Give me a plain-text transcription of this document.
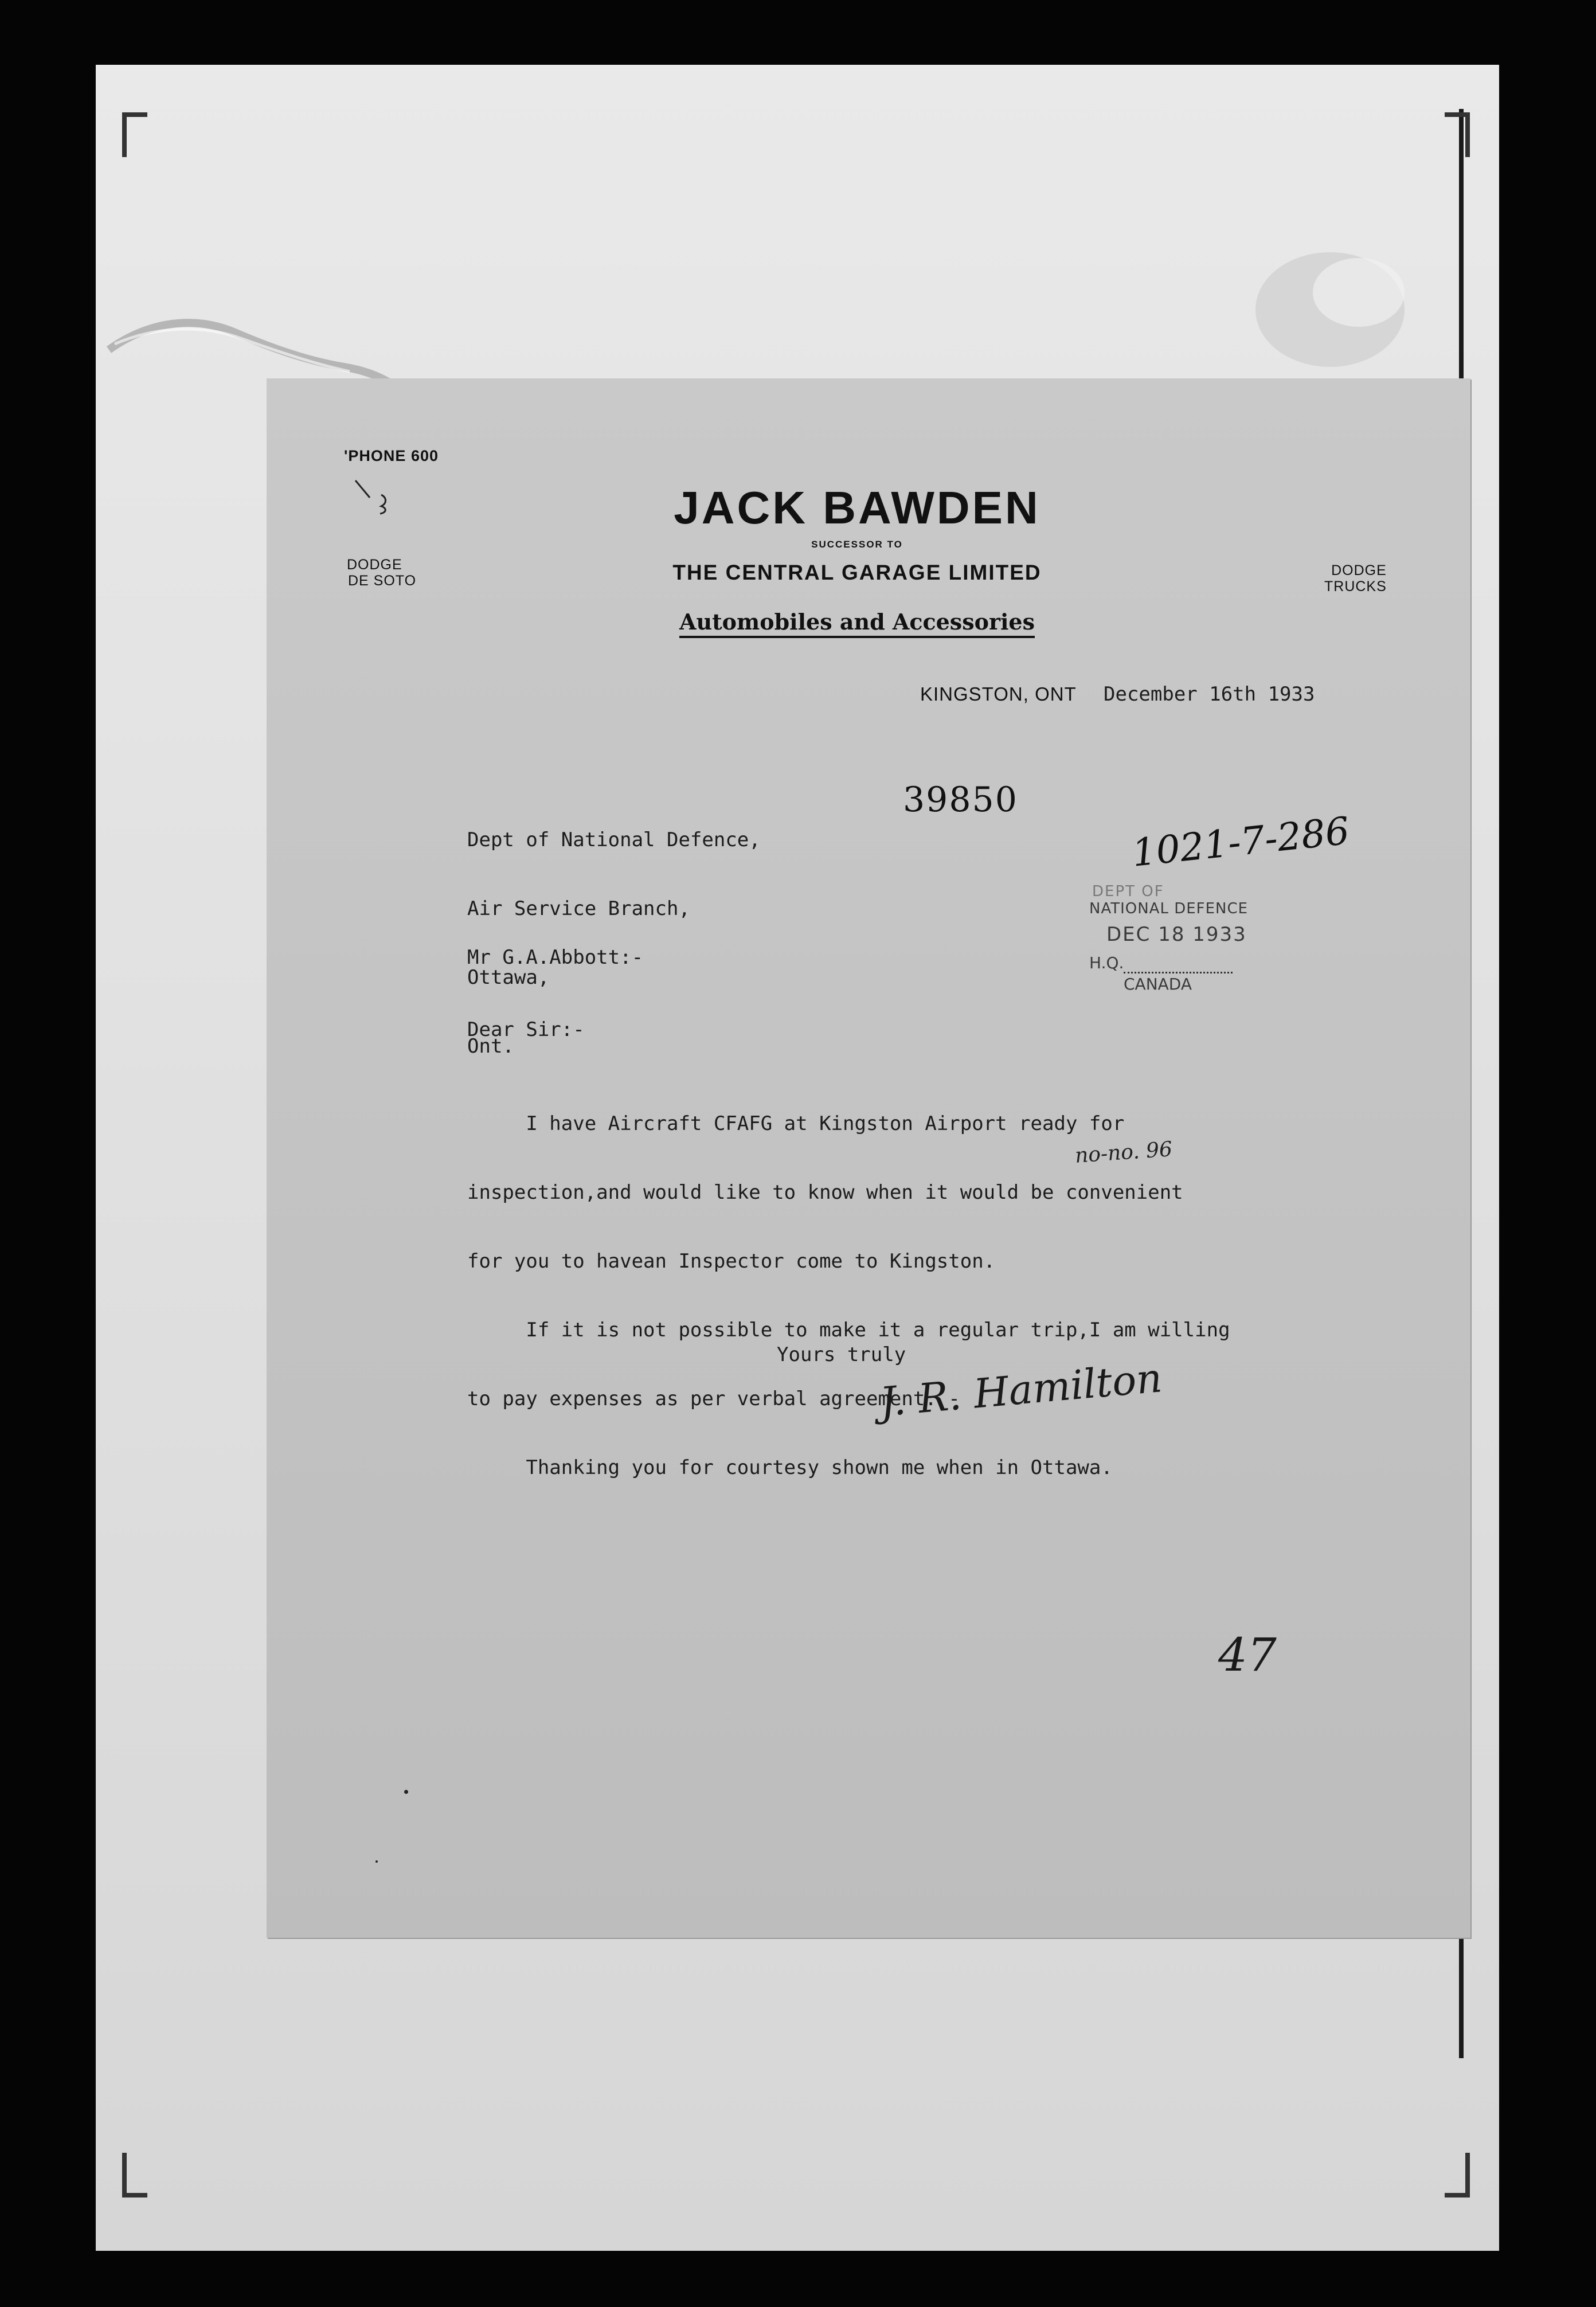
'PHONE 600
DODGE
DE SOTO
JACK BAWDEN
SUCCESSOR TO
THE CENTRAL GARAGE LIMITED
Automobiles and Accessories
DODGE
TRUCKS
KINGSTON, ONT December 16th 1933

Dept of National Defence,

Air Service Branch,

Ottawa,

Ont.

39850
1021-7-286
DEPT OF
NATIONAL DEFENCE
DEC 18 1933
H.Q.
CANADA
Mr G.A.Abbott:-
Dear Sir:-

I have Aircraft CFAFG at Kingston Airport ready for

inspection,and would like to know when it would be convenient

for you to havean Inspector come to Kingston.

If it is not possible to make it a regular trip,I am willing

to pay expenses as per verbal agreement. -

Thanking you for courtesy shown me when in Ottawa.

no-no. 96
Yours truly
J. R. Hamilton
47
